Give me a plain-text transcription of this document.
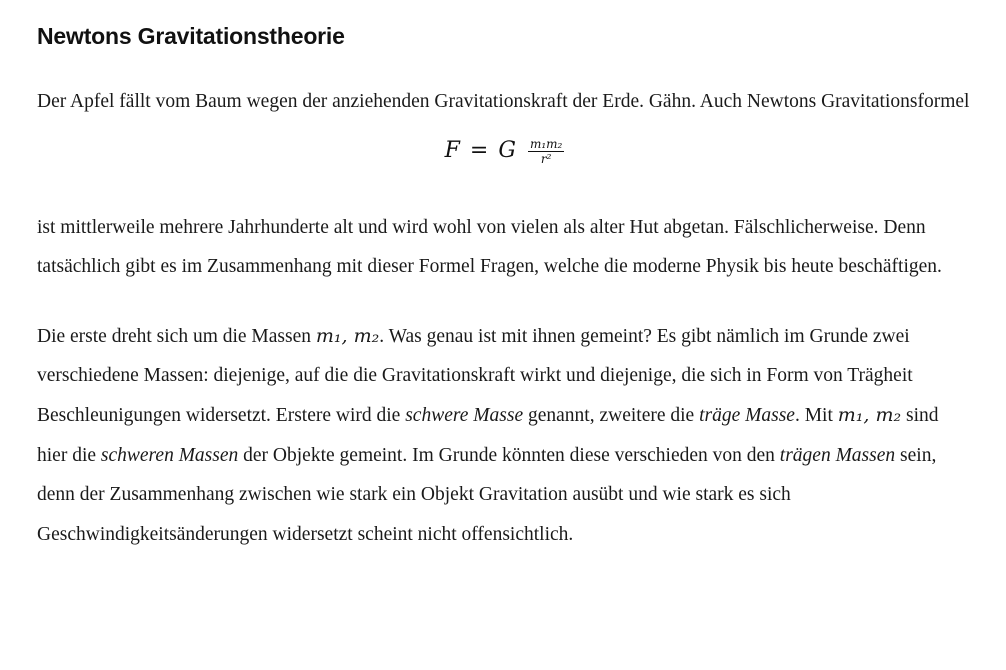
Newtons Gravitationstheorie

Der Apfel fällt vom Baum wegen der anziehenden Gravitationskraft der Erde. Gähn. Auch Newtons Gravitationsformel

F = G $\frac{\text{m₁m₂}}{\text{r²}}$

ist mittlerweile mehrere Jahrhunderte alt und wird wohl von vielen als alter Hut abgetan. Fälschlicherweise. Denn tatsächlich gibt es im Zusammenhang mit dieser Formel Fragen, welche die moderne Physik bis heute beschäftigen.

Die erste dreht sich um die Massen m₁, m₂. Was genau ist mit ihnen gemeint? Es gibt nämlich im Grunde zwei verschiedene Massen: diejenige, auf die die Gravitationskraft wirkt und diejenige, die sich in Form von Trägheit Beschleunigungen widersetzt. Erstere wird die schwere Masse genannt, zweitere die träge Masse. Mit m₁, m₂ sind hier die schweren Massen der Objekte gemeint. Im Grunde könnten diese verschieden von den trägen Massen sein, denn der Zusammenhang zwischen wie stark ein Objekt Gravitation ausübt und wie stark es sich Geschwindigkeitsänderungen widersetzt scheint nicht offensichtlich.
